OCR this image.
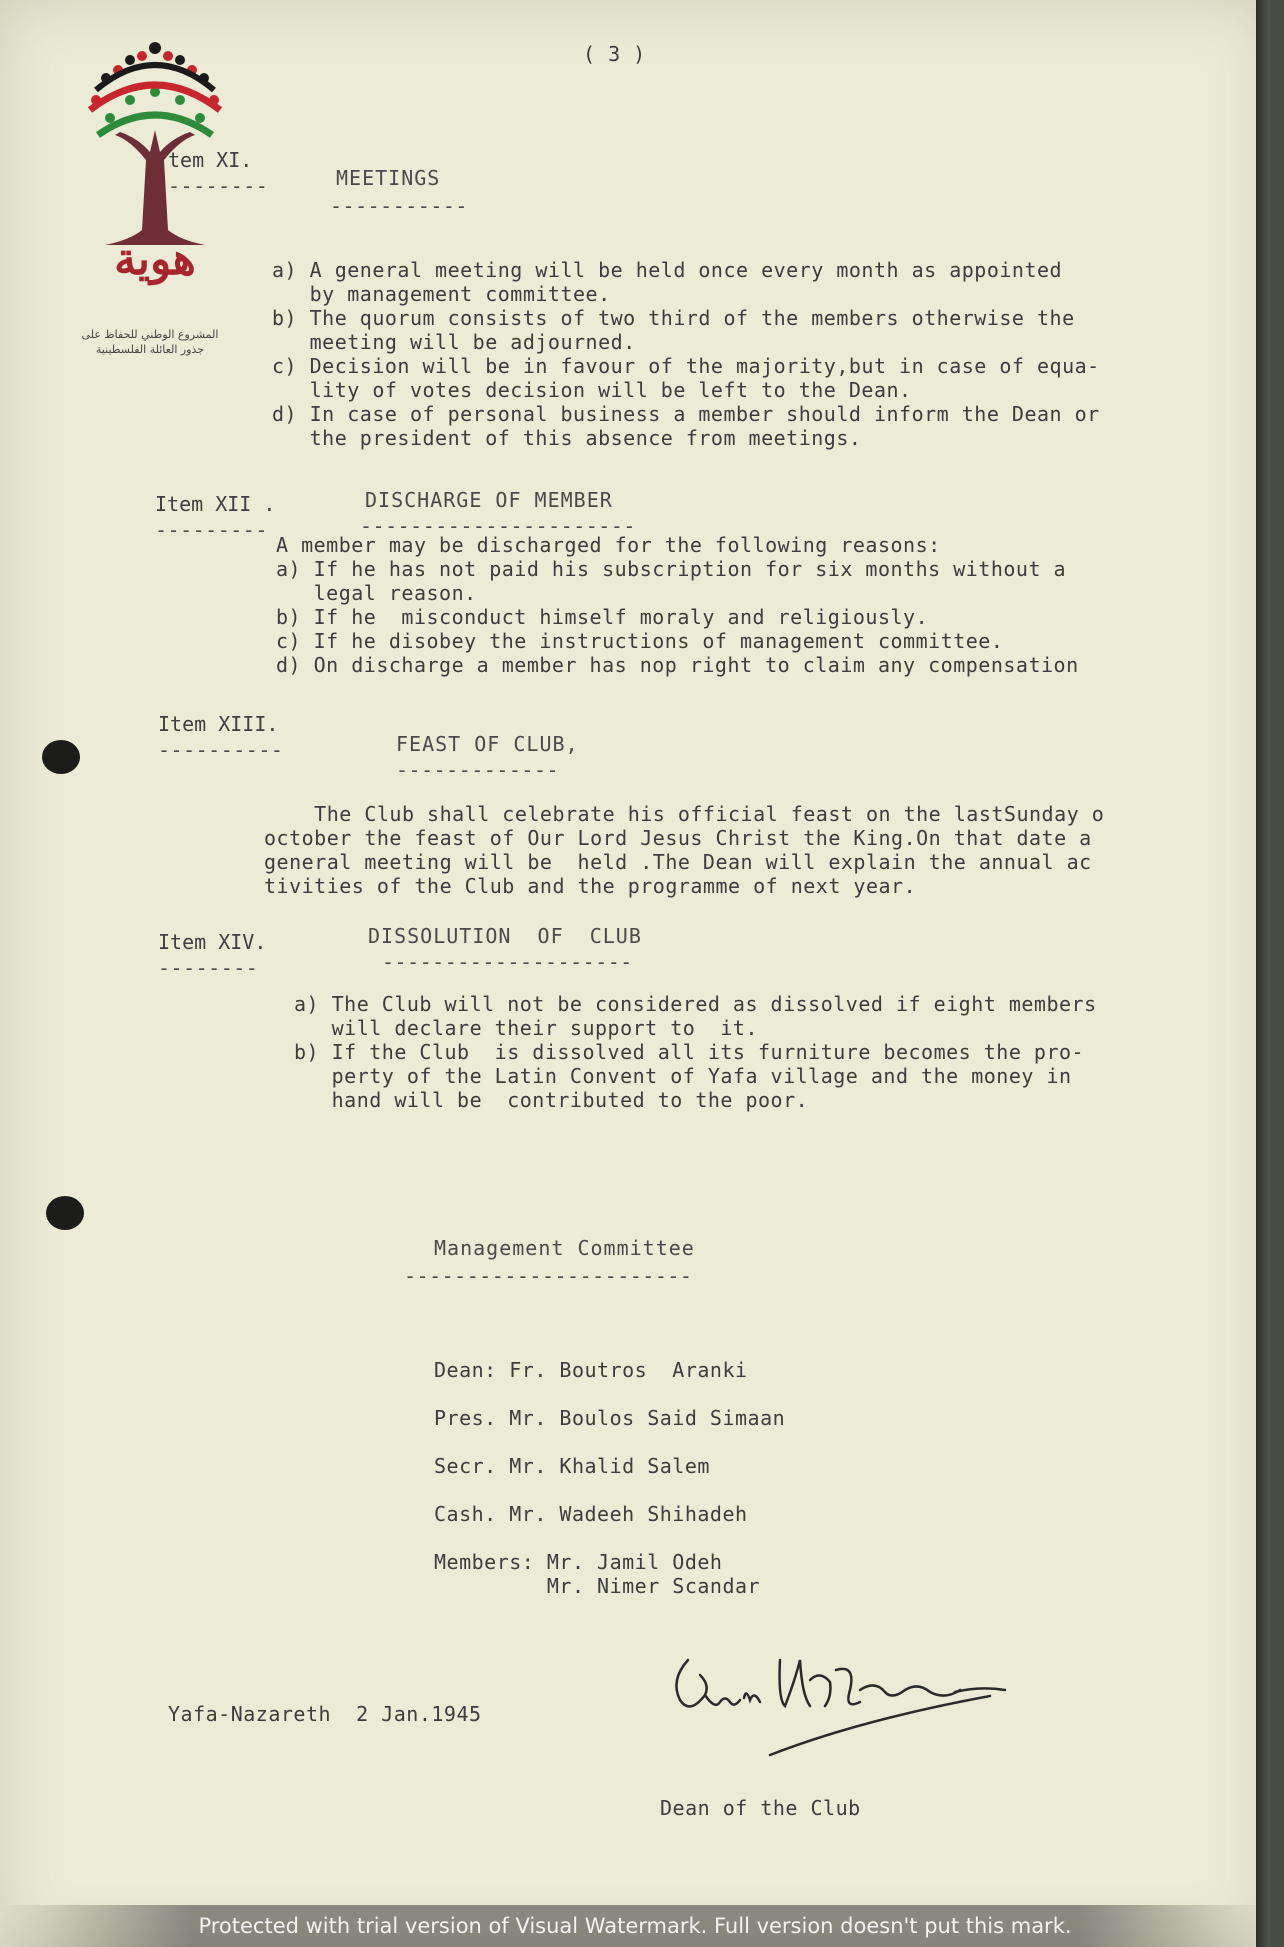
هوية
المشروع الوطني للحفاظ على
جذور العائلة الفلسطينية
( 3 )
tem XI.
--------	MEETINGS
-----------
a) A general meeting will be held once every month as appointed
by management committee.
b) The quorum consists of two third of the members otherwise the
meeting will be adjourned.
c) Decision will be in favour of the majority,but in case of equa-
lity of votes decision will be left to the Dean.
d) In case of personal business a member should inform the Dean or
the president of this absence from meetings.
Item XII .
---------
DISCHARGE OF MEMBER
----------------------
A member may be discharged for the following reasons:
a) If he has not paid his subscription for six months without a
legal reason.
b) If he  misconduct himself moraly and religiously.
c) If he disobey the instructions of management committee.
d) On discharge a member has nop right to claim any compensation
Item XIII.
----------	FEAST OF CLUB,
-------------
The Club shall celebrate his official feast on the lastSunday o
october the feast of Our Lord Jesus Christ the King.On that date a
general meeting will be  held .The Dean will explain the annual ac
tivities of the Club and the programme of next year.
Item XIV.
--------
DISSOLUTION  OF  CLUB
--------------------
a) The Club will not be considered as dissolved if eight members
will declare their support to  it.
b) If the Club  is dissolved all its furniture becomes the pro-
perty of the Latin Convent of Yafa village and the money in
hand will be  contributed to the poor.
Management Committee
-----------------------
Dean: Fr. Boutros  Aranki
Pres. Mr. Boulos Said Simaan
Secr. Mr. Khalid Salem
Cash. Mr. Wadeeh Shihadeh
Members: Mr. Jamil Odeh
Mr. Nimer Scandar
Yafa-Nazareth  2 Jan.1945
Dean of the Club
Protected with trial version of Visual Watermark. Full version doesn't put this mark.
